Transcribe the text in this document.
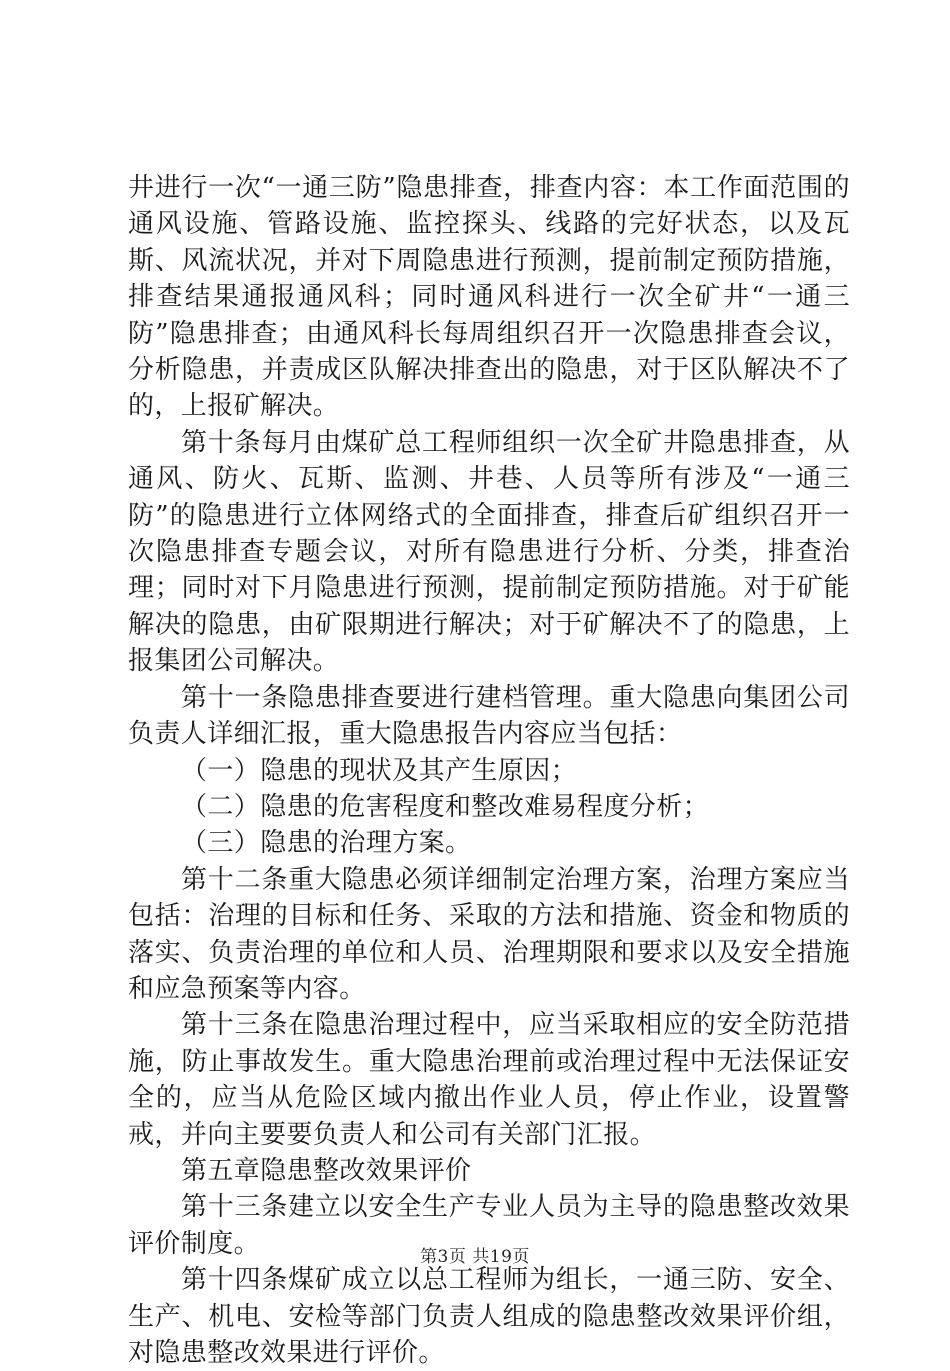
井进行一次“一通三防”隐患排查，排查内容：本工作面范围的通风设施、管路设施、监控探头、线路的完好状态，以及瓦斯、风流状况，并对下周隐患进行预测，提前制定预防措施，排查结果通报通风科；同时通风科进行一次全矿井“一通三防”隐患排查；由通风科长每周组织召开一次隐患排查会议，分析隐患，并责成区队解决排查出的隐患，对于区队解决不了的，上报矿解决。

第十条每月由煤矿总工程师组织一次全矿井隐患排查，从通风、防火、瓦斯、监测、井巷、人员等所有涉及“一通三防”的隐患进行立体网络式的全面排查，排查后矿组织召开一次隐患排查专题会议，对所有隐患进行分析、分类，排查治理；同时对下月隐患进行预测，提前制定预防措施。对于矿能解决的隐患，由矿限期进行解决；对于矿解决不了的隐患，上报集团公司解决。

第十一条隐患排查要进行建档管理。重大隐患向集团公司负责人详细汇报，重大隐患报告内容应当包括：

（一）隐患的现状及其产生原因；

（二）隐患的危害程度和整改难易程度分析；

（三）隐患的治理方案。

第十二条重大隐患必须详细制定治理方案，治理方案应当包括：治理的目标和任务、采取的方法和措施、资金和物质的落实、负责治理的单位和人员、治理期限和要求以及安全措施和应急预案等内容。

第十三条在隐患治理过程中，应当采取相应的安全防范措施，防止事故发生。重大隐患治理前或治理过程中无法保证安全的，应当从危险区域内撤出作业人员，停止作业，设置警戒，并向主要要负责人和公司有关部门汇报。

第五章隐患整改效果评价

第十三条建立以安全生产专业人员为主导的隐患整改效果评价制度。

第十四条煤矿成立以总工程师为组长，一通三防、安全、生产、机电、安检等部门负责人组成的隐患整改效果评价组，对隐患整改效果进行评价。

第3页 共19页
